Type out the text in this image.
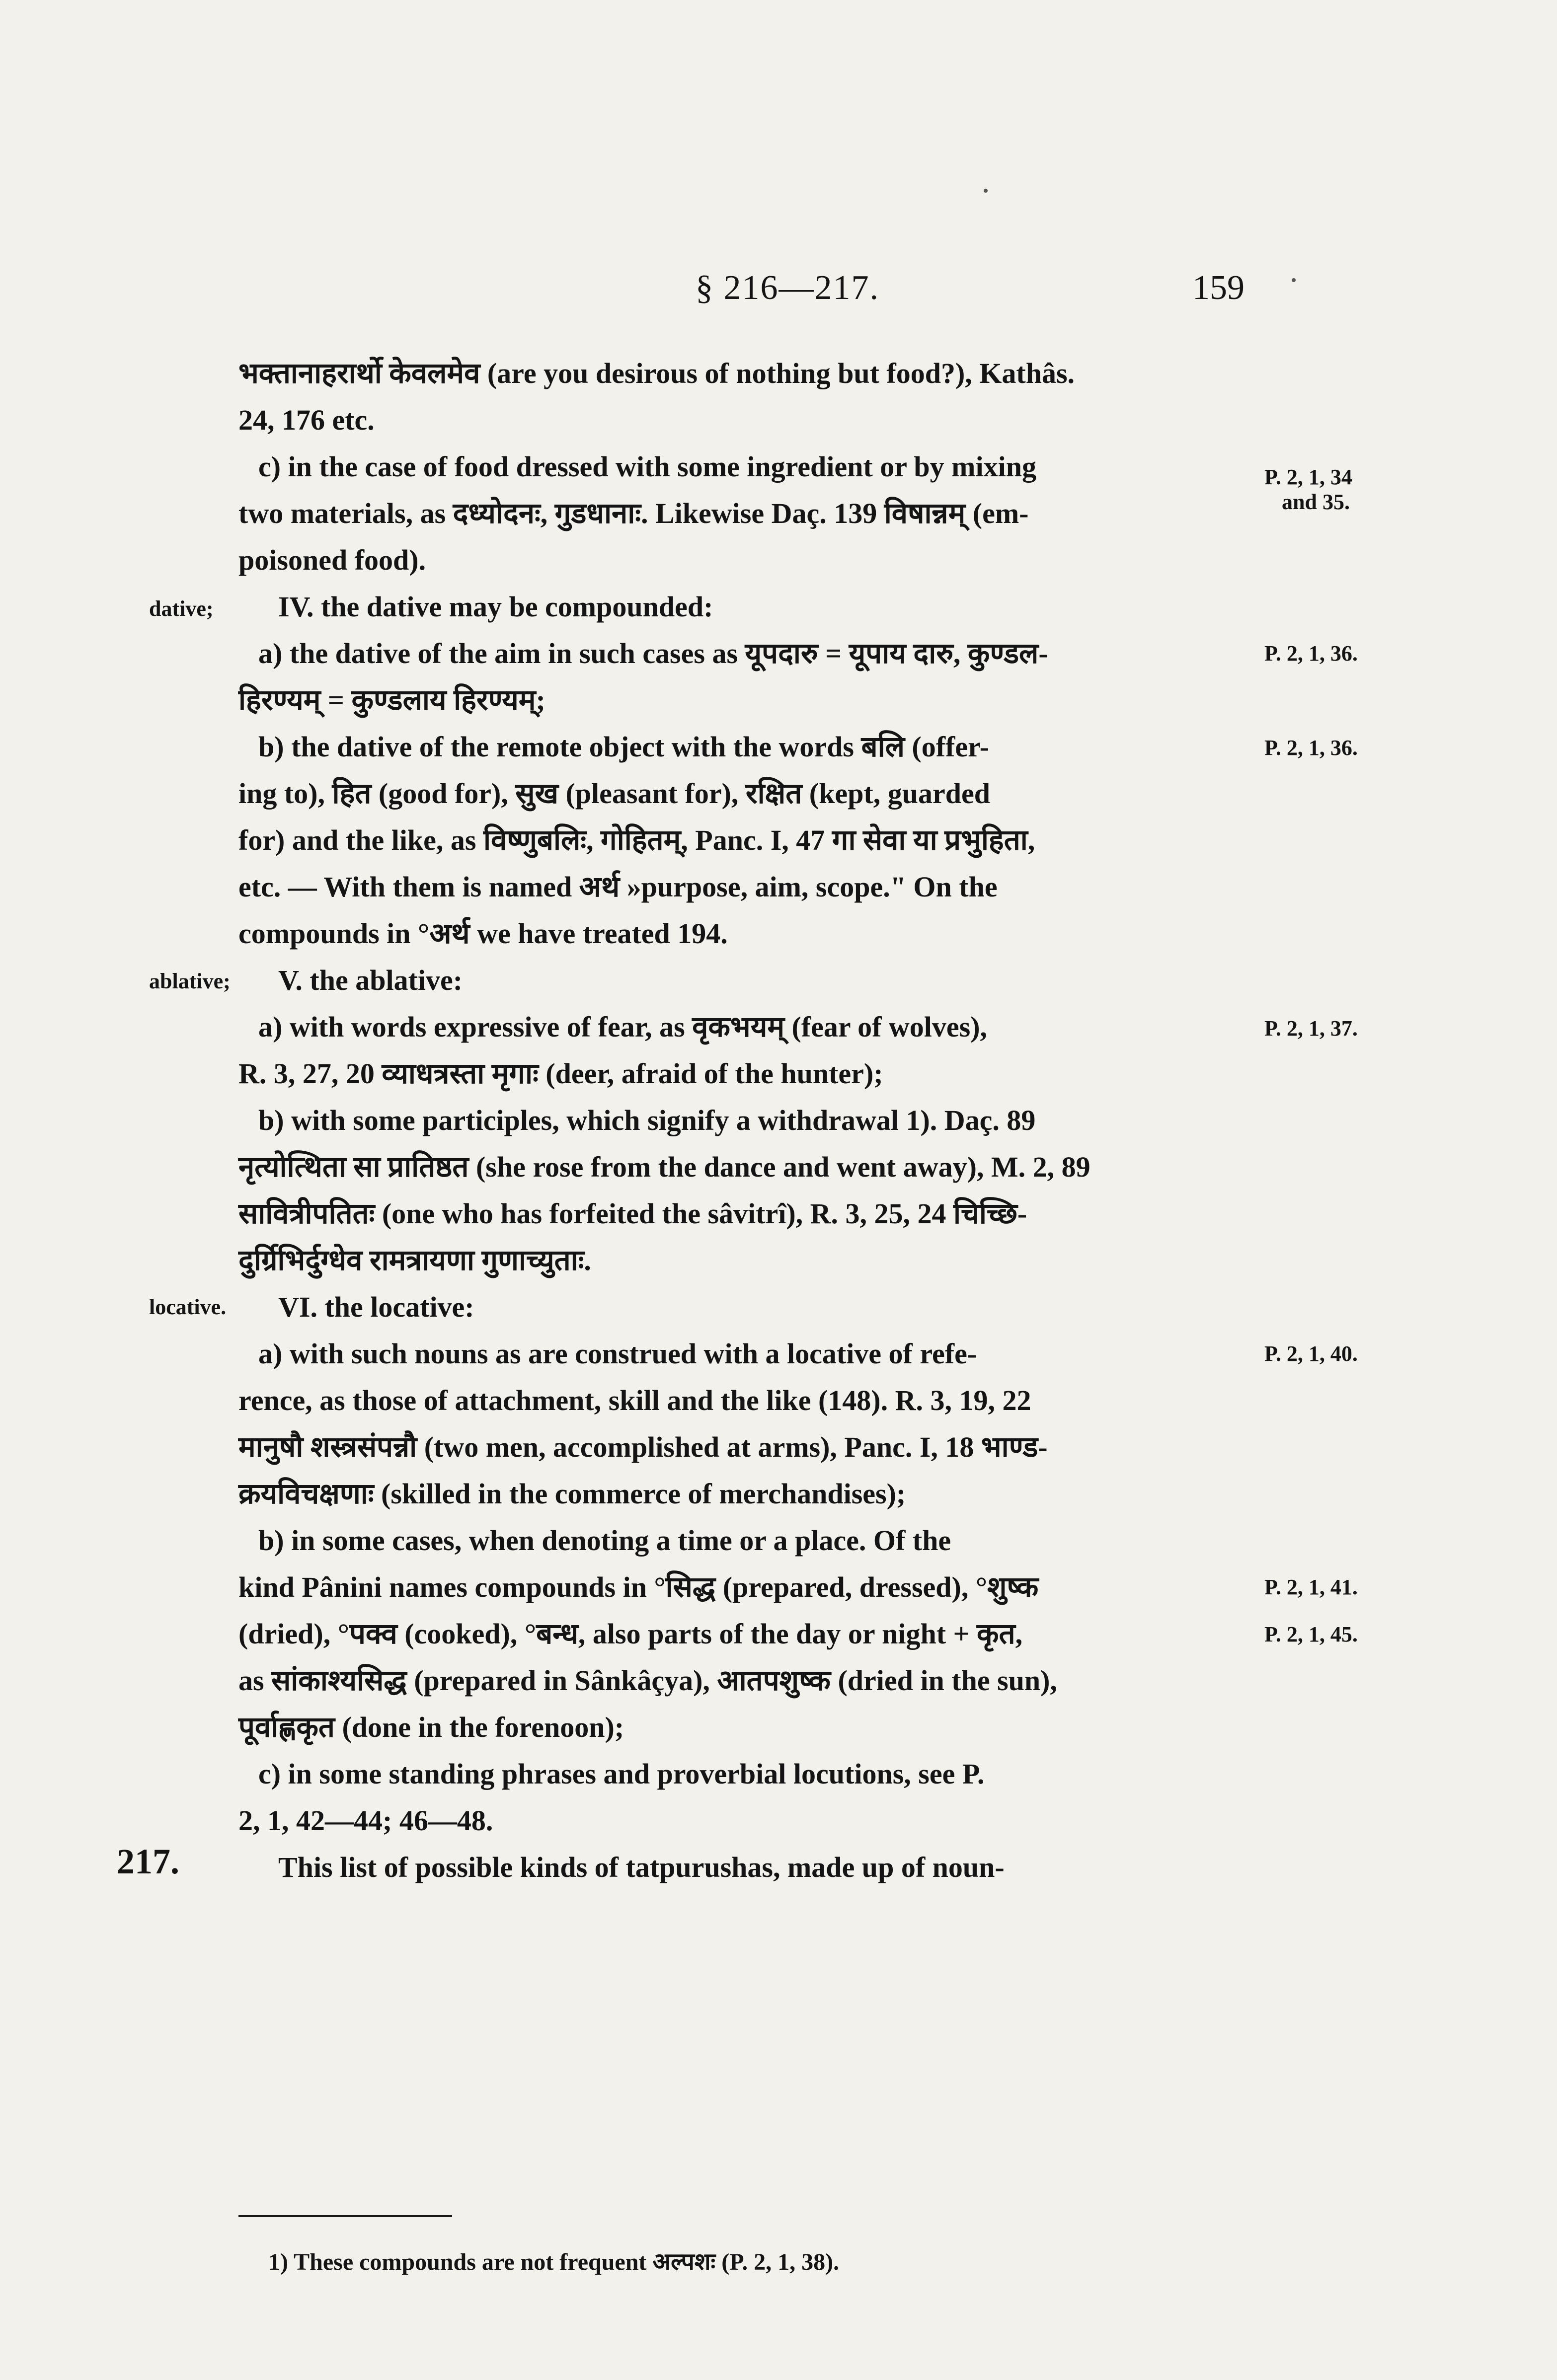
§ 216—217.	159
भक्तानाहरार्थो केवलमेव (are you desirous of nothing but food?), Kathâs.
24, 176 etc.
c) in the case of food dressed with some ingredient or by mixing
two materials, as दध्योदनः, गुडधानाः. Likewise Daç. 139 विषान्नम् (em-
poisoned food).
IV. the dative may be compounded:
a) the dative of the aim in such cases as यूपदारु = यूपाय दारु, कुण्डल-
हिरण्यम् = कुण्डलाय हिरण्यम्;
b) the dative of the remote object with the words बलि (offer-
ing to), हित (good for), सुख (pleasant for), रक्षित (kept, guarded
for) and the like, as विष्णुबलिः, गोहितम्, Panc. I, 47 गा सेवा या प्रभुहिता,
etc. — With them is named अर्थ »purpose, aim, scope." On the
compounds in °अर्थ we have treated 194.
V. the ablative:
a) with words expressive of fear, as वृकभयम् (fear of wolves),
R. 3, 27, 20 व्याधत्रस्ता मृगाः (deer, afraid of the hunter);
b) with some participles, which signify a withdrawal 1). Daç. 89
नृत्योत्थिता सा प्रातिष्ठत (she rose from the dance and went away), M. 2, 89
सावित्रीपतितः (one who has forfeited the sâvitrî), R. 3, 25, 24 चिच्छि-
दुर्ग्रिभिर्दुग्धेव रामत्रायणा गुणाच्युताः.
VI. the locative:
a) with such nouns as are construed with a locative of refe-
rence, as those of attachment, skill and the like (148). R. 3, 19, 22
मानुषौ शस्त्रसंपन्नौ (two men, accomplished at arms), Panc. I, 18 भाण्ड-
क्रयविचक्षणाः (skilled in the commerce of merchandises);
b) in some cases, when denoting a time or a place. Of the
kind Pânini names compounds in °सिद्ध (prepared, dressed), °शुष्क
(dried), °पक्व (cooked), °बन्ध, also parts of the day or night + कृत,
as सांकाश्यसिद्ध (prepared in Sânkâçya), आतपशुष्क (dried in the sun),
पूर्वाह्णकृत (done in the forenoon);
c) in some standing phrases and proverbial locutions, see P.
2, 1, 42—44; 46—48.
This list of possible kinds of tatpurushas, made up of noun-
dative;
ablative;
locative.
P. 2, 1, 34
and 35.
P. 2, 1, 36.
P. 2, 1, 36.
P. 2, 1, 37.
P. 2, 1, 40.
P. 2, 1, 41.
P. 2, 1, 45.
217.
1) These compounds are not frequent अल्पशः (P. 2, 1, 38).
